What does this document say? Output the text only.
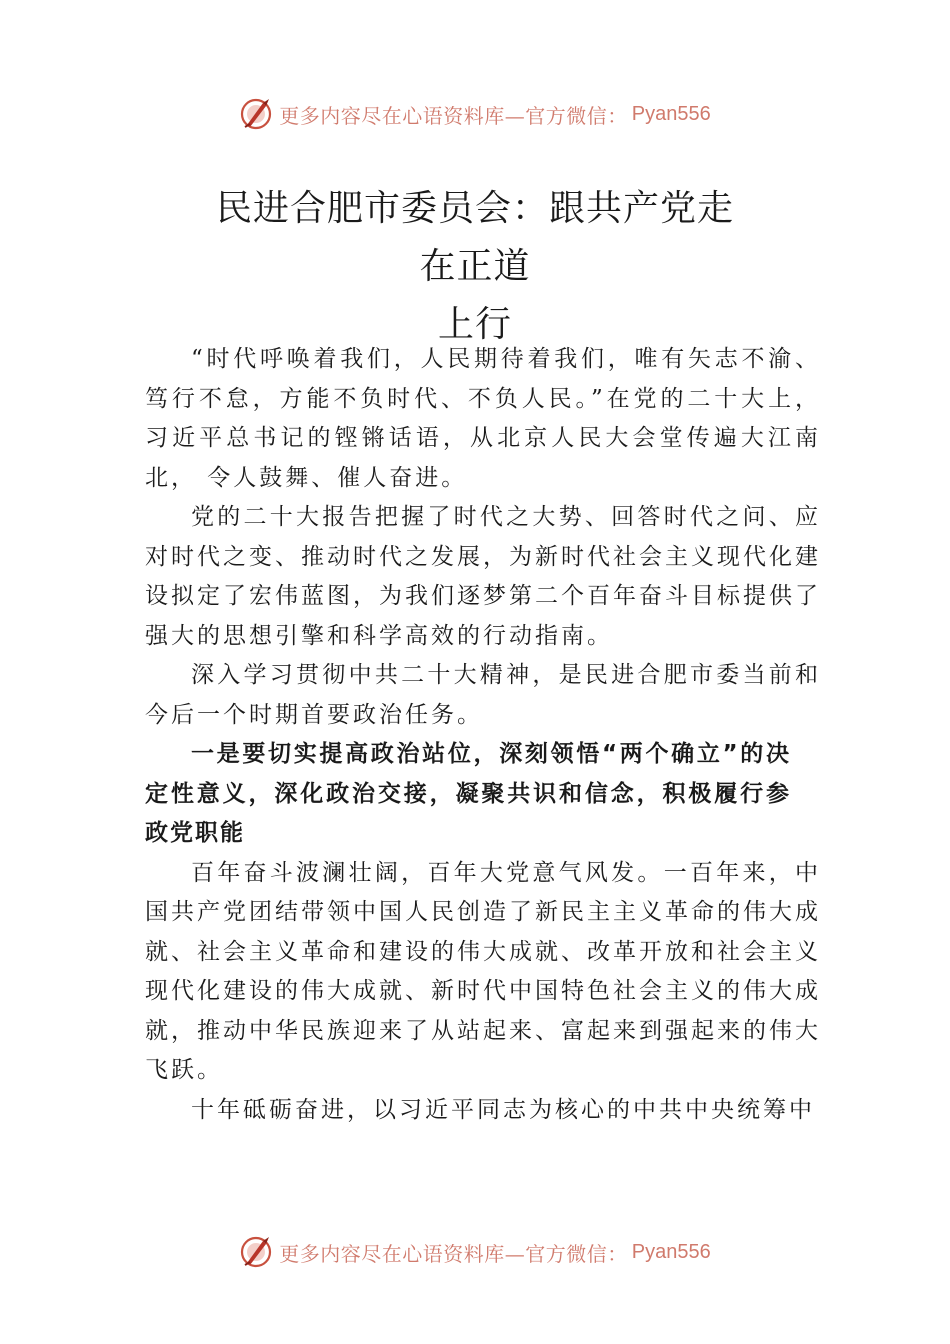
更多内容尽在心语资料库—官方微信： Pyan556
民进合肥市委员会：跟共产党走
在正道
上行

“时代呼唤着我们，人民期待着我们，唯有矢志不渝、笃行不怠，方能不负时代、不负人民。”在党的二十大上，习近平总书记的铿锵话语，从北京人民大会堂传遍大江南北， 令人鼓舞、催人奋进。

党的二十大报告把握了时代之大势、回答时代之问、应对时代之变、推动时代之发展，为新时代社会主义现代化建设拟定了宏伟蓝图，为我们逐梦第二个百年奋斗目标提供了强大的思想引擎和科学高效的行动指南。

深入学习贯彻中共二十大精神，是民进合肥市委当前和今后一个时期首要政治任务。

一是要切实提高政治站位，深刻领悟“两个确立”的决定性意义，深化政治交接，凝聚共识和信念，积极履行参政党职能

百年奋斗波澜壮阔，百年大党意气风发。一百年来，中国共产党团结带领中国人民创造了新民主主义革命的伟大成就、社会主义革命和建设的伟大成就、改革开放和社会主义现代化建设的伟大成就、新时代中国特色社会主义的伟大成就，推动中华民族迎来了从站起来、富起来到强起来的伟大飞跃。

十年砥砺奋进，以习近平同志为核心的中共中央统筹中

更多内容尽在心语资料库—官方微信： Pyan556
